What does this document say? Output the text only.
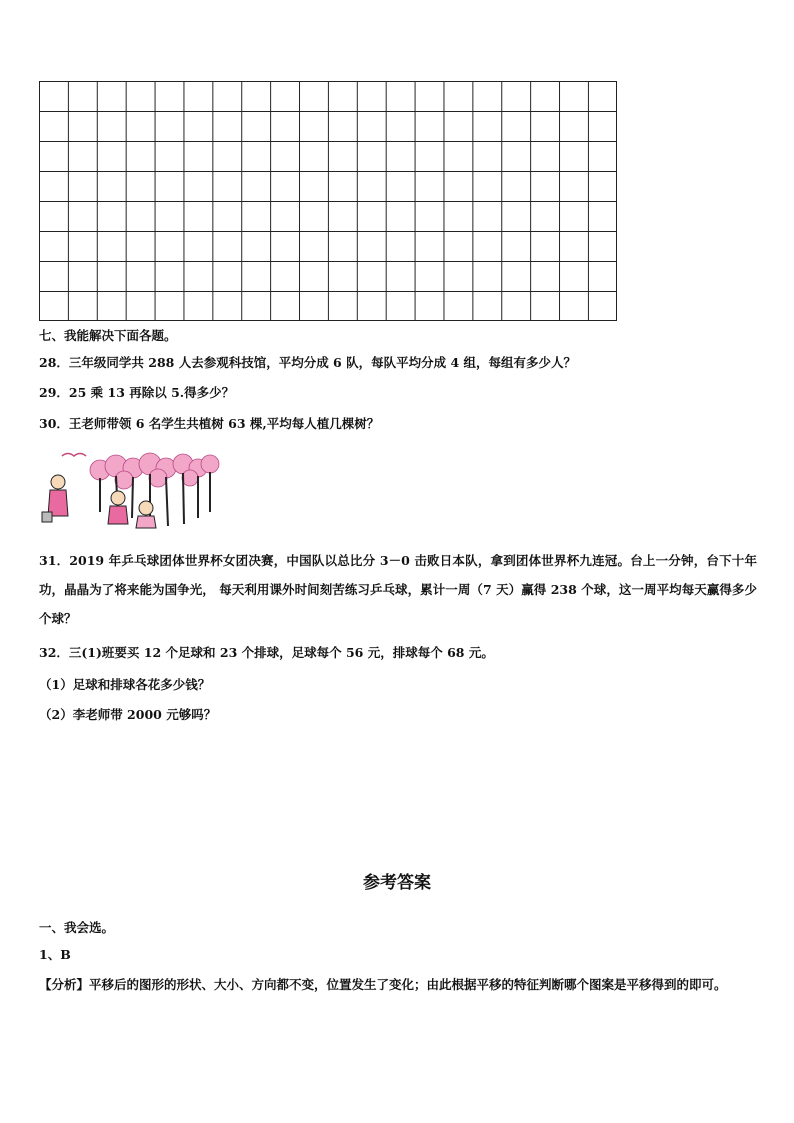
七、我能解决下面各题。
28．三年级同学共 288 人去参观科技馆，平均分成 6 队，每队平均分成 4 组，每组有多少人？
29．25 乘 13 再除以 5.得多少？
30．王老师带领 6 名学生共植树 63 棵,平均每人植几棵树？
31．2019 年乒乓球团体世界杯女团决赛，中国队以总比分 3－0 击败日本队，拿到团体世界杯九连冠。台上一分钟，台下十年功，晶晶为了将来能为国争光， 每天利用课外时间刻苦练习乒乓球，累计一周（7 天）赢得 238 个球，这一周平均每天赢得多少个球？
32．三(1)班要买 12 个足球和 23 个排球，足球每个 56 元，排球每个 68 元。
（1）足球和排球各花多少钱？
（2）李老师带 2000 元够吗？
参考答案
一、我会选。
1、B
【分析】平移后的图形的形状、大小、方向都不变，位置发生了变化；由此根据平移的特征判断哪个图案是平移得到的即可。
